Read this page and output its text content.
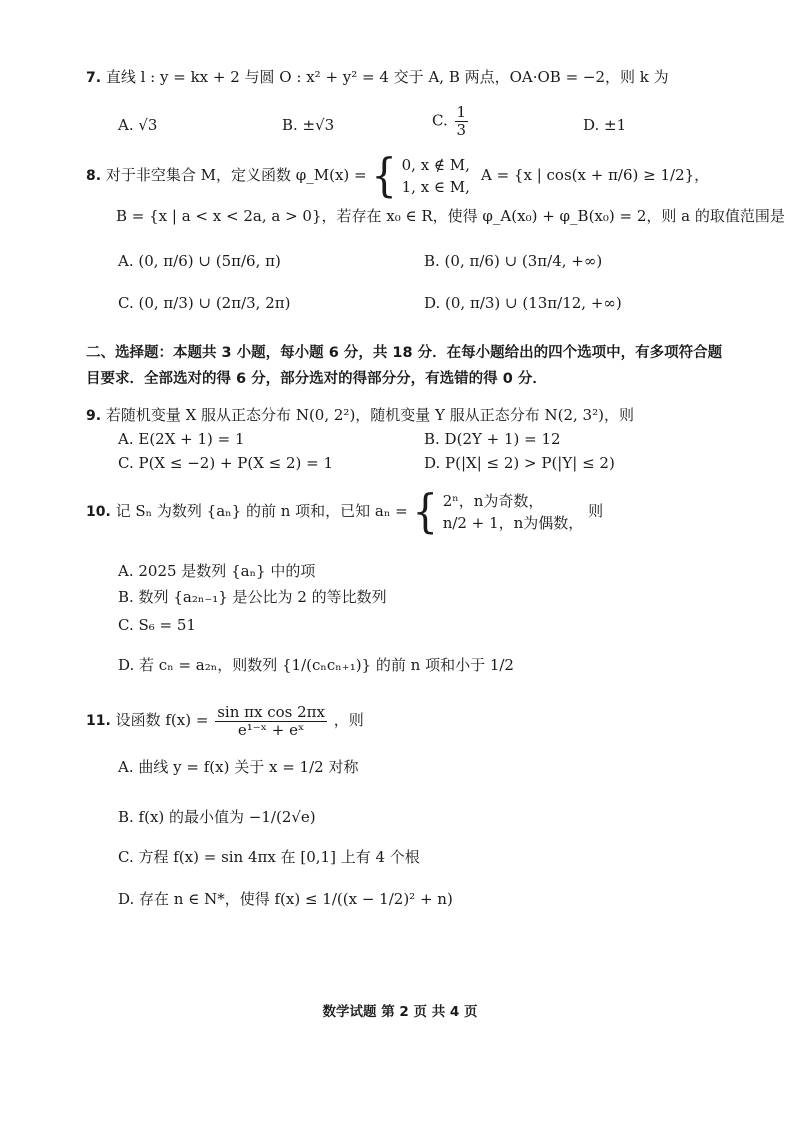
7. 直线 l : y = kx + 2 与圆 O : x² + y² = 4 交于 A, B 两点，OA·OB = −2，则 k 为
A. √3	B. ±√3	C. $\frac{1}{3}$	D. ±1
8. 对于非空集合 M，定义函数 φ_M(x) = { 0, x ∉ M,
1, x ∈ M,
A = {x | cos(x + π/6) ≥ 1/2}，
B = {x | a < x < 2a, a > 0}，若存在 x₀ ∈ R，使得 φ_A(x₀) + φ_B(x₀) = 2，则 a 的取值范围是
A. (0, π/6) ∪ (5π/6, π)	B. (0, π/6) ∪ (3π/4, +∞)
C. (0, π/3) ∪ (2π/3, 2π)	D. (0, π/3) ∪ (13π/12, +∞)
二、选择题：本题共 3 小题，每小题 6 分，共 18 分．在每小题给出的四个选项中，有多项符合题目要求．全部选对的得 6 分，部分选对的得部分分，有选错的得 0 分．
9. 若随机变量 X 服从正态分布 N(0, 2²)，随机变量 Y 服从正态分布 N(2, 3²)，则
A. E(2X + 1) = 1	B. D(2Y + 1) = 12
C. P(X ≤ −2) + P(X ≤ 2) = 1	D. P(|X| ≤ 2) > P(|Y| ≤ 2)
10. 记 Sₙ 为数列 {aₙ} 的前 n 项和，已知 aₙ = { 2ⁿ，n为奇数，
n/2 + 1，n为偶数，
则
A. 2025 是数列 {aₙ} 中的项
B. 数列 {a₂ₙ₋₁} 是公比为 2 的等比数列
C. S₆ = 51
D. 若 cₙ = a₂ₙ，则数列 {1/(cₙcₙ₊₁)} 的前 n 项和小于 1/2
11. 设函数 $f(x) = \frac{\text{sin πx cos 2πx}}{\text{e¹⁻ˣ + eˣ}}$ ，则
A. 曲线 y = f(x) 关于 x = 1/2 对称
B. f(x) 的最小值为 −1/(2√e)
C. 方程 f(x) = sin 4πx 在 [0,1] 上有 4 个根
D. 存在 n ∈ N*，使得 f(x) ≤ 1/((x − 1/2)² + n)
数学试题 第 2 页 共 4 页
